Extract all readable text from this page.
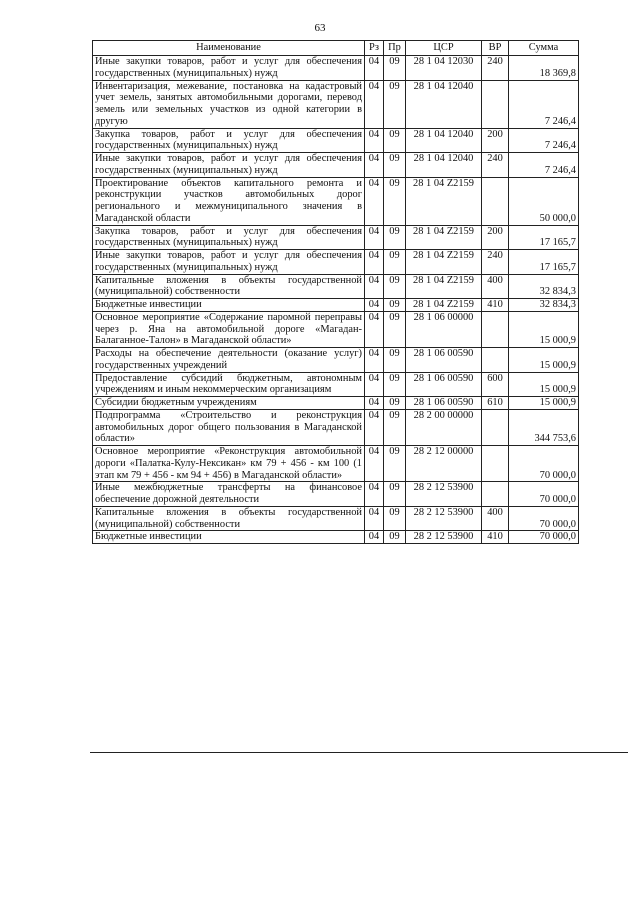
63
Наименование	Рз	Пр	ЦСР	ВР	Сумма
Иные закупки товаров, работ и услуг для обеспечения государственных (муниципальных) нужд	04	09	28 1 04 12030	240	18 369,8
Инвентаризация, межевание, постановка на кадастровый учет земель, занятых автомобильными дорогами, перевод земель или земельных участков из одной категории в другую	04	09	28 1 04 12040		7 246,4
Закупка товаров, работ и услуг для обеспечения государственных (муниципальных) нужд	04	09	28 1 04 12040	200	7 246,4
Иные закупки товаров, работ и услуг для обеспечения государственных (муниципальных) нужд	04	09	28 1 04 12040	240	7 246,4
Проектирование объектов капитального ремонта и реконструкции участков автомобильных дорог регионального и межмуниципального значения в Магаданской области	04	09	28 1 04 Z2159		50 000,0
Закупка товаров, работ и услуг для обеспечения государственных (муниципальных) нужд	04	09	28 1 04 Z2159	200	17 165,7
Иные закупки товаров, работ и услуг для обеспечения государственных (муниципальных) нужд	04	09	28 1 04 Z2159	240	17 165,7
Капитальные вложения в объекты государственной (муниципальной) собственности	04	09	28 1 04 Z2159	400	32 834,3
Бюджетные инвестиции	04	09	28 1 04 Z2159	410	32 834,3
Основное мероприятие «Содержание паромной переправы через р. Яна на автомобильной дороге «Магадан-Балаганное-Талон» в Магаданской области»	04	09	28 1 06 00000		15 000,9
Расходы на обеспечение деятельности (оказание услуг) государственных учреждений	04	09	28 1 06 00590		15 000,9
Предоставление субсидий бюджетным, автономным учреждениям и иным некоммерческим организациям	04	09	28 1 06 00590	600	15 000,9
Субсидии бюджетным учреждениям	04	09	28 1 06 00590	610	15 000,9
Подпрограмма «Строительство и реконструкция автомобильных дорог общего пользования в Магаданской области»	04	09	28 2 00 00000		344 753,6
Основное мероприятие «Реконструкция автомобильной дороги «Палатка-Кулу-Нексикан» км 79 + 456 - км 100 (1 этап км 79 + 456 - км 94 + 456) в Магаданской области»	04	09	28 2 12 00000		70 000,0
Иные межбюджетные трансферты на финансовое обеспечение дорожной деятельности	04	09	28 2 12 53900		70 000,0
Капитальные вложения в объекты государственной (муниципальной) собственности	04	09	28 2 12 53900	400	70 000,0
Бюджетные инвестиции	04	09	28 2 12 53900	410	70 000,0
